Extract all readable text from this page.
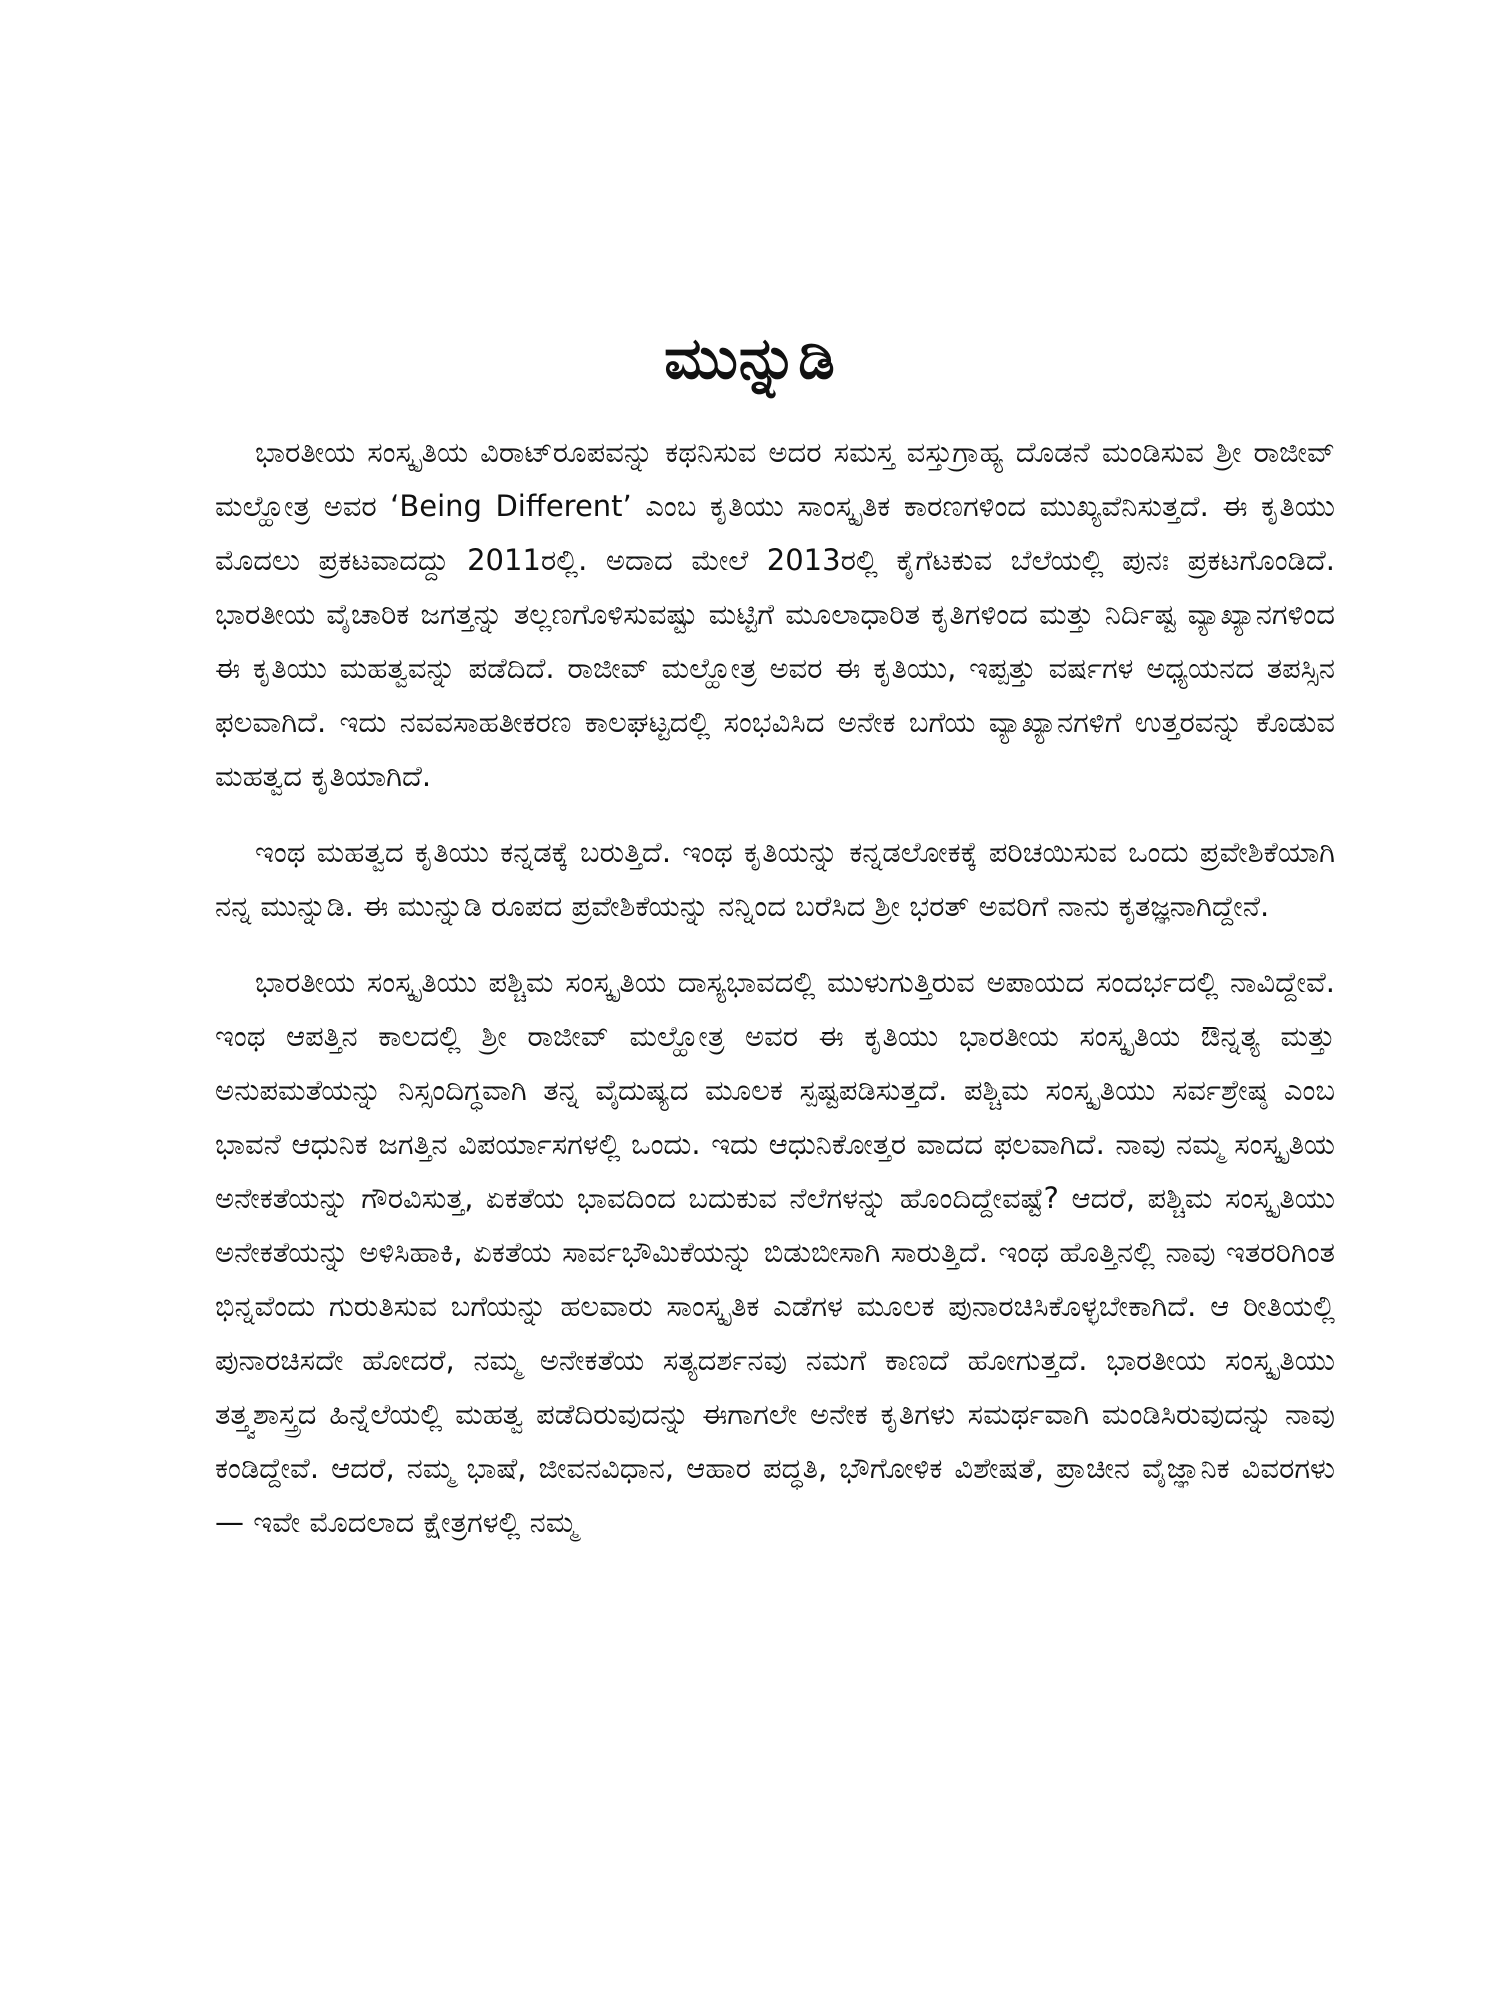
ಮುನ್ನುಡಿ

ಭಾರತೀಯ ಸಂಸ್ಕೃತಿಯ ವಿರಾಟ್‌ರೂಪವನ್ನು ಕಥನಿಸುವ ಅದರ ಸಮಸ್ತ ವಸ್ತುಗ್ರಾಹ್ಯ ದೊಡನೆ ಮಂಡಿಸುವ ಶ್ರೀ ರಾಜೀವ್ ಮಲ್ಹೋತ್ರ ಅವರ ‘Being Different’ ಎಂಬ ಕೃತಿಯು ಸಾಂಸ್ಕೃತಿಕ ಕಾರಣಗಳಿಂದ ಮುಖ್ಯವೆನಿಸುತ್ತದೆ. ಈ ಕೃತಿಯು ಮೊದಲು ಪ್ರಕಟವಾದದ್ದು 2011ರಲ್ಲಿ. ಅದಾದ ಮೇಲೆ 2013ರಲ್ಲಿ ಕೈಗೆಟಕುವ ಬೆಲೆಯಲ್ಲಿ ಪುನಃ ಪ್ರಕಟಗೊಂಡಿದೆ. ಭಾರತೀಯ ವೈಚಾರಿಕ ಜಗತ್ತನ್ನು ತಲ್ಲಣಗೊಳಿಸುವಷ್ಟು ಮಟ್ಟಿಗೆ ಮೂಲಾಧಾರಿತ ಕೃತಿಗಳಿಂದ ಮತ್ತು ನಿರ್ದಿಷ್ಟ ವ್ಯಾಖ್ಯಾನಗಳಿಂದ ಈ ಕೃತಿಯು ಮಹತ್ವವನ್ನು ಪಡೆದಿದೆ. ರಾಜೀವ್ ಮಲ್ಹೋತ್ರ ಅವರ ಈ ಕೃತಿಯು, ಇಪ್ಪತ್ತು ವರ್ಷಗಳ ಅಧ್ಯಯನದ ತಪಸ್ಸಿನ ಫಲವಾಗಿದೆ. ಇದು ನವವಸಾಹತೀಕರಣ ಕಾಲಘಟ್ಟದಲ್ಲಿ ಸಂಭವಿಸಿದ ಅನೇಕ ಬಗೆಯ ವ್ಯಾಖ್ಯಾನಗಳಿಗೆ ಉತ್ತರವನ್ನು ಕೊಡುವ ಮಹತ್ವದ ಕೃತಿಯಾಗಿದೆ.

ಇಂಥ ಮಹತ್ವದ ಕೃತಿಯು ಕನ್ನಡಕ್ಕೆ ಬರುತ್ತಿದೆ. ಇಂಥ ಕೃತಿಯನ್ನು ಕನ್ನಡಲೋಕಕ್ಕೆ ಪರಿಚಯಿಸುವ ಒಂದು ಪ್ರವೇಶಿಕೆಯಾಗಿ ನನ್ನ ಮುನ್ನುಡಿ. ಈ ಮುನ್ನುಡಿ ರೂಪದ ಪ್ರವೇಶಿಕೆಯನ್ನು ನನ್ನಿಂದ ಬರೆಸಿದ ಶ್ರೀ ಭರತ್ ಅವರಿಗೆ ನಾನು ಕೃತಜ್ಞನಾಗಿದ್ದೇನೆ.

ಭಾರತೀಯ ಸಂಸ್ಕೃತಿಯು ಪಶ್ಚಿಮ ಸಂಸ್ಕೃತಿಯ ದಾಸ್ಯಭಾವದಲ್ಲಿ ಮುಳುಗುತ್ತಿರುವ ಅಪಾಯದ ಸಂದರ್ಭದಲ್ಲಿ ನಾವಿದ್ದೇವೆ. ಇಂಥ ಆಪತ್ತಿನ ಕಾಲದಲ್ಲಿ ಶ್ರೀ ರಾಜೀವ್ ಮಲ್ಹೋತ್ರ ಅವರ ಈ ಕೃತಿಯು ಭಾರತೀಯ ಸಂಸ್ಕೃತಿಯ ಔನ್ನತ್ಯ ಮತ್ತು ಅನುಪಮತೆಯನ್ನು ನಿಸ್ಸಂದಿಗ್ಧವಾಗಿ ತನ್ನ ವೈದುಷ್ಯದ ಮೂಲಕ ಸ್ಪಷ್ಟಪಡಿಸುತ್ತದೆ. ಪಶ್ಚಿಮ ಸಂಸ್ಕೃತಿಯು ಸರ್ವಶ್ರೇಷ್ಠ ಎಂಬ ಭಾವನೆ ಆಧುನಿಕ ಜಗತ್ತಿನ ವಿಪರ್ಯಾಸಗಳಲ್ಲಿ ಒಂದು. ಇದು ಆಧುನಿಕೋತ್ತರ ವಾದದ ಫಲವಾಗಿದೆ. ನಾವು ನಮ್ಮ ಸಂಸ್ಕೃತಿಯ ಅನೇಕತೆಯನ್ನು ಗೌರವಿಸುತ್ತ, ಏಕತೆಯ ಭಾವದಿಂದ ಬದುಕುವ ನೆಲೆಗಳನ್ನು ಹೊಂದಿದ್ದೇವಷ್ಟೆ? ಆದರೆ, ಪಶ್ಚಿಮ ಸಂಸ್ಕೃತಿಯು ಅನೇಕತೆಯನ್ನು ಅಳಿಸಿಹಾಕಿ, ಏಕತೆಯ ಸಾರ್ವಭೌಮಿಕೆಯನ್ನು ಬಿಡುಬೀಸಾಗಿ ಸಾರುತ್ತಿದೆ. ಇಂಥ ಹೊತ್ತಿನಲ್ಲಿ ನಾವು ಇತರರಿಗಿಂತ ಭಿನ್ನವೆಂದು ಗುರುತಿಸುವ ಬಗೆಯನ್ನು ಹಲವಾರು ಸಾಂಸ್ಕೃತಿಕ ಎಡೆಗಳ ಮೂಲಕ ಪುನಾರಚಿಸಿಕೊಳ್ಳಬೇಕಾಗಿದೆ. ಆ ರೀತಿಯಲ್ಲಿ ಪುನಾರಚಿಸದೇ ಹೋದರೆ, ನಮ್ಮ ಅನೇಕತೆಯ ಸತ್ಯದರ್ಶನವು ನಮಗೆ ಕಾಣದೆ ಹೋಗುತ್ತದೆ. ಭಾರತೀಯ ಸಂಸ್ಕೃತಿಯು ತತ್ತ್ವಶಾಸ್ತ್ರದ ಹಿನ್ನೆಲೆಯಲ್ಲಿ ಮಹತ್ವ ಪಡೆದಿರುವುದನ್ನು ಈಗಾಗಲೇ ಅನೇಕ ಕೃತಿಗಳು ಸಮರ್ಥವಾಗಿ ಮಂಡಿಸಿರುವುದನ್ನು ನಾವು ಕಂಡಿದ್ದೇವೆ. ಆದರೆ, ನಮ್ಮ ಭಾಷೆ, ಜೀವನವಿಧಾನ, ಆಹಾರ ಪದ್ಧತಿ, ಭೌಗೋಳಿಕ ವಿಶೇಷತೆ, ಪ್ರಾಚೀನ ವೈಜ್ಞಾನಿಕ ವಿವರಗಳು — ಇವೇ ಮೊದಲಾದ ಕ್ಷೇತ್ರಗಳಲ್ಲಿ ನಮ್ಮ
